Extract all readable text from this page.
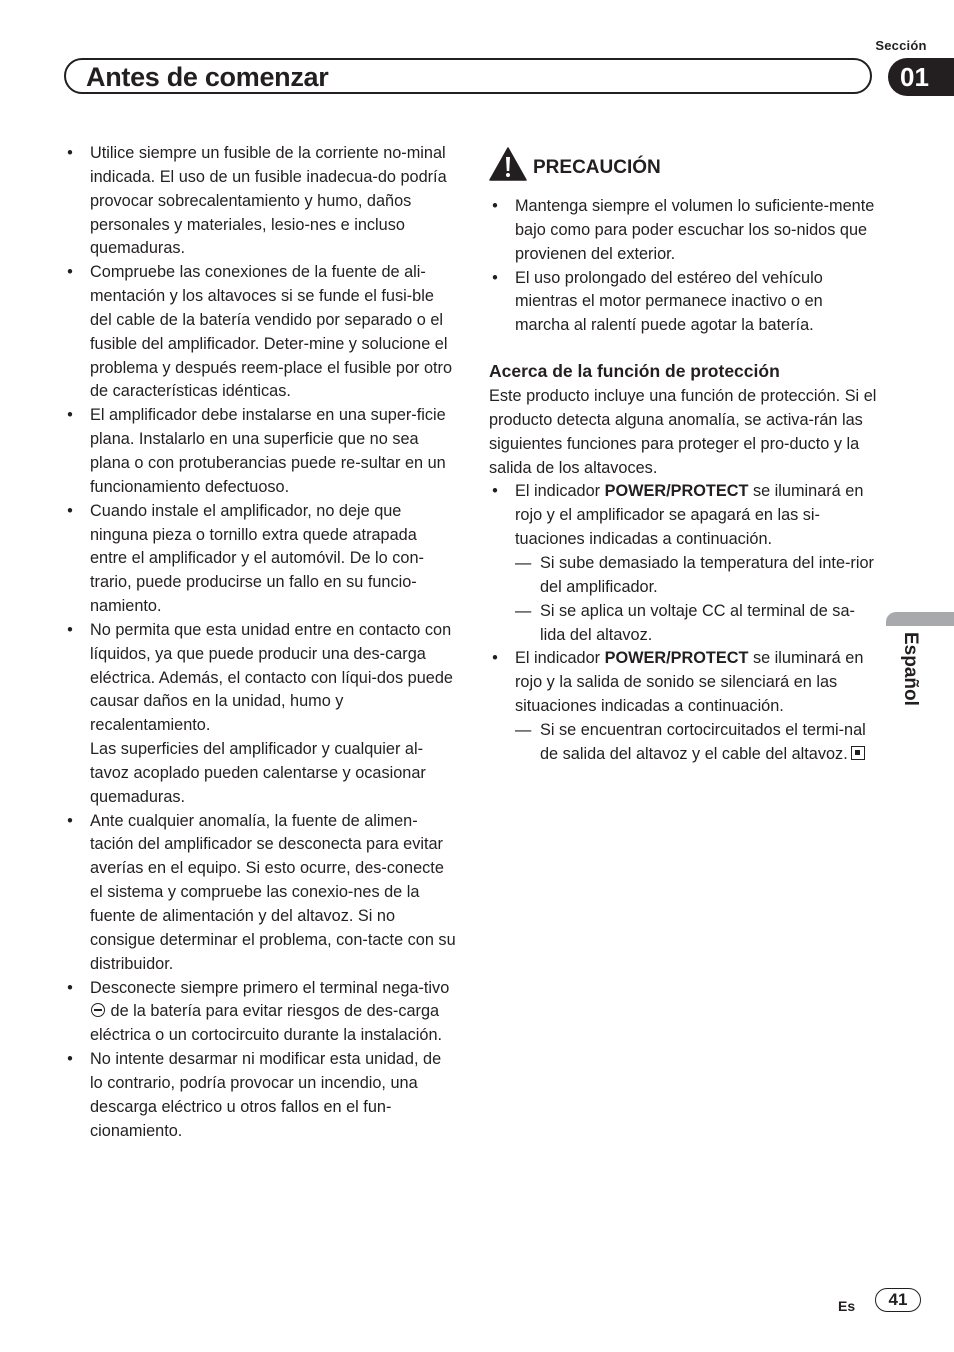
Sección
Antes de comenzar	01
Español
• Utilice siempre un fusible de la corriente no-minal indicada. El uso de un fusible inadecua-do podría provocar sobrecalentamiento y humo, daños personales y materiales, lesio-nes e incluso quemaduras.
• Compruebe las conexiones de la fuente de ali-mentación y los altavoces si se funde el fusi-ble del cable de la batería vendido por separado o el fusible del amplificador. Deter-mine y solucione el problema y después reem-place el fusible por otro de características idénticas.
• El amplificador debe instalarse en una super-ficie plana. Instalarlo en una superficie que no sea plana o con protuberancias puede re-sultar en un funcionamiento defectuoso.
• Cuando instale el amplificador, no deje que ninguna pieza o tornillo extra quede atrapada entre el amplificador y el automóvil. De lo con-trario, puede producirse un fallo en su funcio-namiento.
• No permita que esta unidad entre en contacto con líquidos, ya que puede producir una des-carga eléctrica. Además, el contacto con líqui-dos puede causar daños en la unidad, humo y recalentamiento.
Las superficies del amplificador y cualquier al-tavoz acoplado pueden calentarse y ocasionar quemaduras.
• Ante cualquier anomalía, la fuente de alimen-tación del amplificador se desconecta para evitar averías en el equipo. Si esto ocurre, des-conecte el sistema y compruebe las conexio-nes de la fuente de alimentación y del altavoz. Si no consigue determinar el problema, con-tacte con su distribuidor.
• Desconecte siempre primero el terminal nega-tivo  de la batería para evitar riesgos de des-carga eléctrica o un cortocircuito durante la instalación.
• No intente desarmar ni modificar esta unidad, de lo contrario, podría provocar un incendio, una descarga eléctrico u otros fallos en el fun-cionamiento.
PRECAUCIÓN
• Mantenga siempre el volumen lo suficiente-mente bajo como para poder escuchar los so-nidos que provienen del exterior.
• El uso prolongado del estéreo del vehículo mientras el motor permanece inactivo o en marcha al ralentí puede agotar la batería.
Acerca de la función de protección
Este producto incluye una función de protección. Si el producto detecta alguna anomalía, se activa-rán las siguientes funciones para proteger el pro-ducto y la salida de los altavoces.
• El indicador POWER/PROTECT se iluminará en rojo y el amplificador se apagará en las si-tuaciones indicadas a continuación.
— Si sube demasiado la temperatura del inte-rior del amplificador.
— Si se aplica un voltaje CC al terminal de sa-lida del altavoz.
• El indicador POWER/PROTECT se iluminará en rojo y la salida de sonido se silenciará en las situaciones indicadas a continuación.
— Si se encuentran cortocircuitados el termi-nal de salida del altavoz y el cable del altavoz.
Es	41
